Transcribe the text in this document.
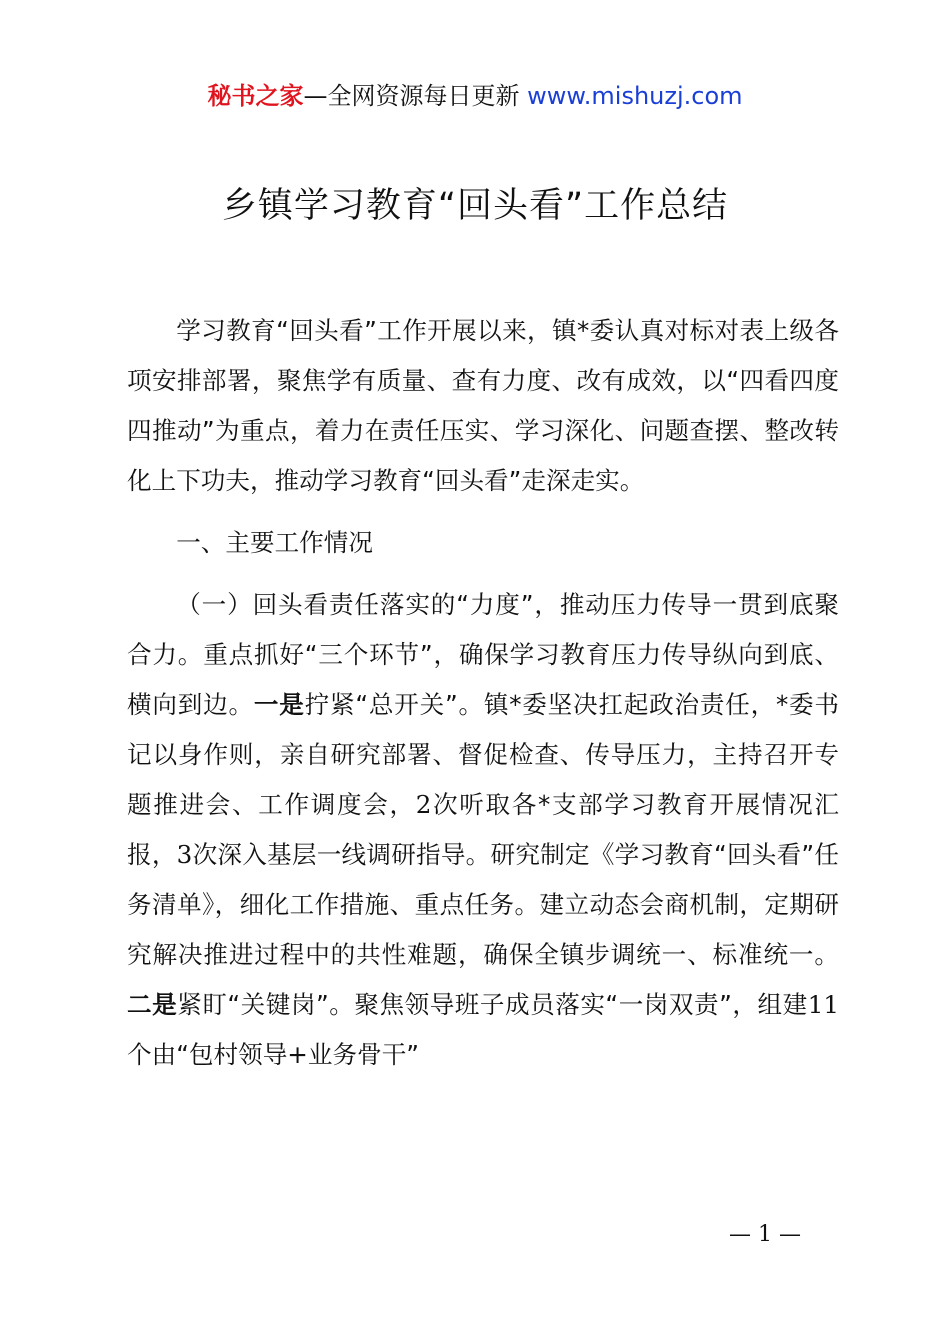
秘书之家—全网资源每日更新 www.mishuzj.com
乡镇学习教育“回头看”工作总结

学习教育“回头看”工作开展以来，镇*委认真对标对表上级各项安排部署，聚焦学有质量、查有力度、改有成效，以“四看四度四推动”为重点，着力在责任压实、学习深化、问题查摆、整改转化上下功夫，推动学习教育“回头看”走深走实。

一、主要工作情况

（一）回头看责任落实的“力度”，推动压力传导一贯到底聚合力。重点抓好“三个环节”，确保学习教育压力传导纵向到底、横向到边。一是拧紧“总开关”。镇*委坚决扛起政治责任，*委书记以身作则，亲自研究部署、督促检查、传导压力，主持召开专题推进会、工作调度会，2次听取各*支部学习教育开展情况汇报，3次深入基层一线调研指导。研究制定《学习教育“回头看”任务清单》，细化工作措施、重点任务。建立动态会商机制，定期研究解决推进过程中的共性难题，确保全镇步调统一、标准统一。二是紧盯“关键岗”。聚焦领导班子成员落实“一岗双责”，组建11个由“包村领导+业务骨干”

— 1 —
